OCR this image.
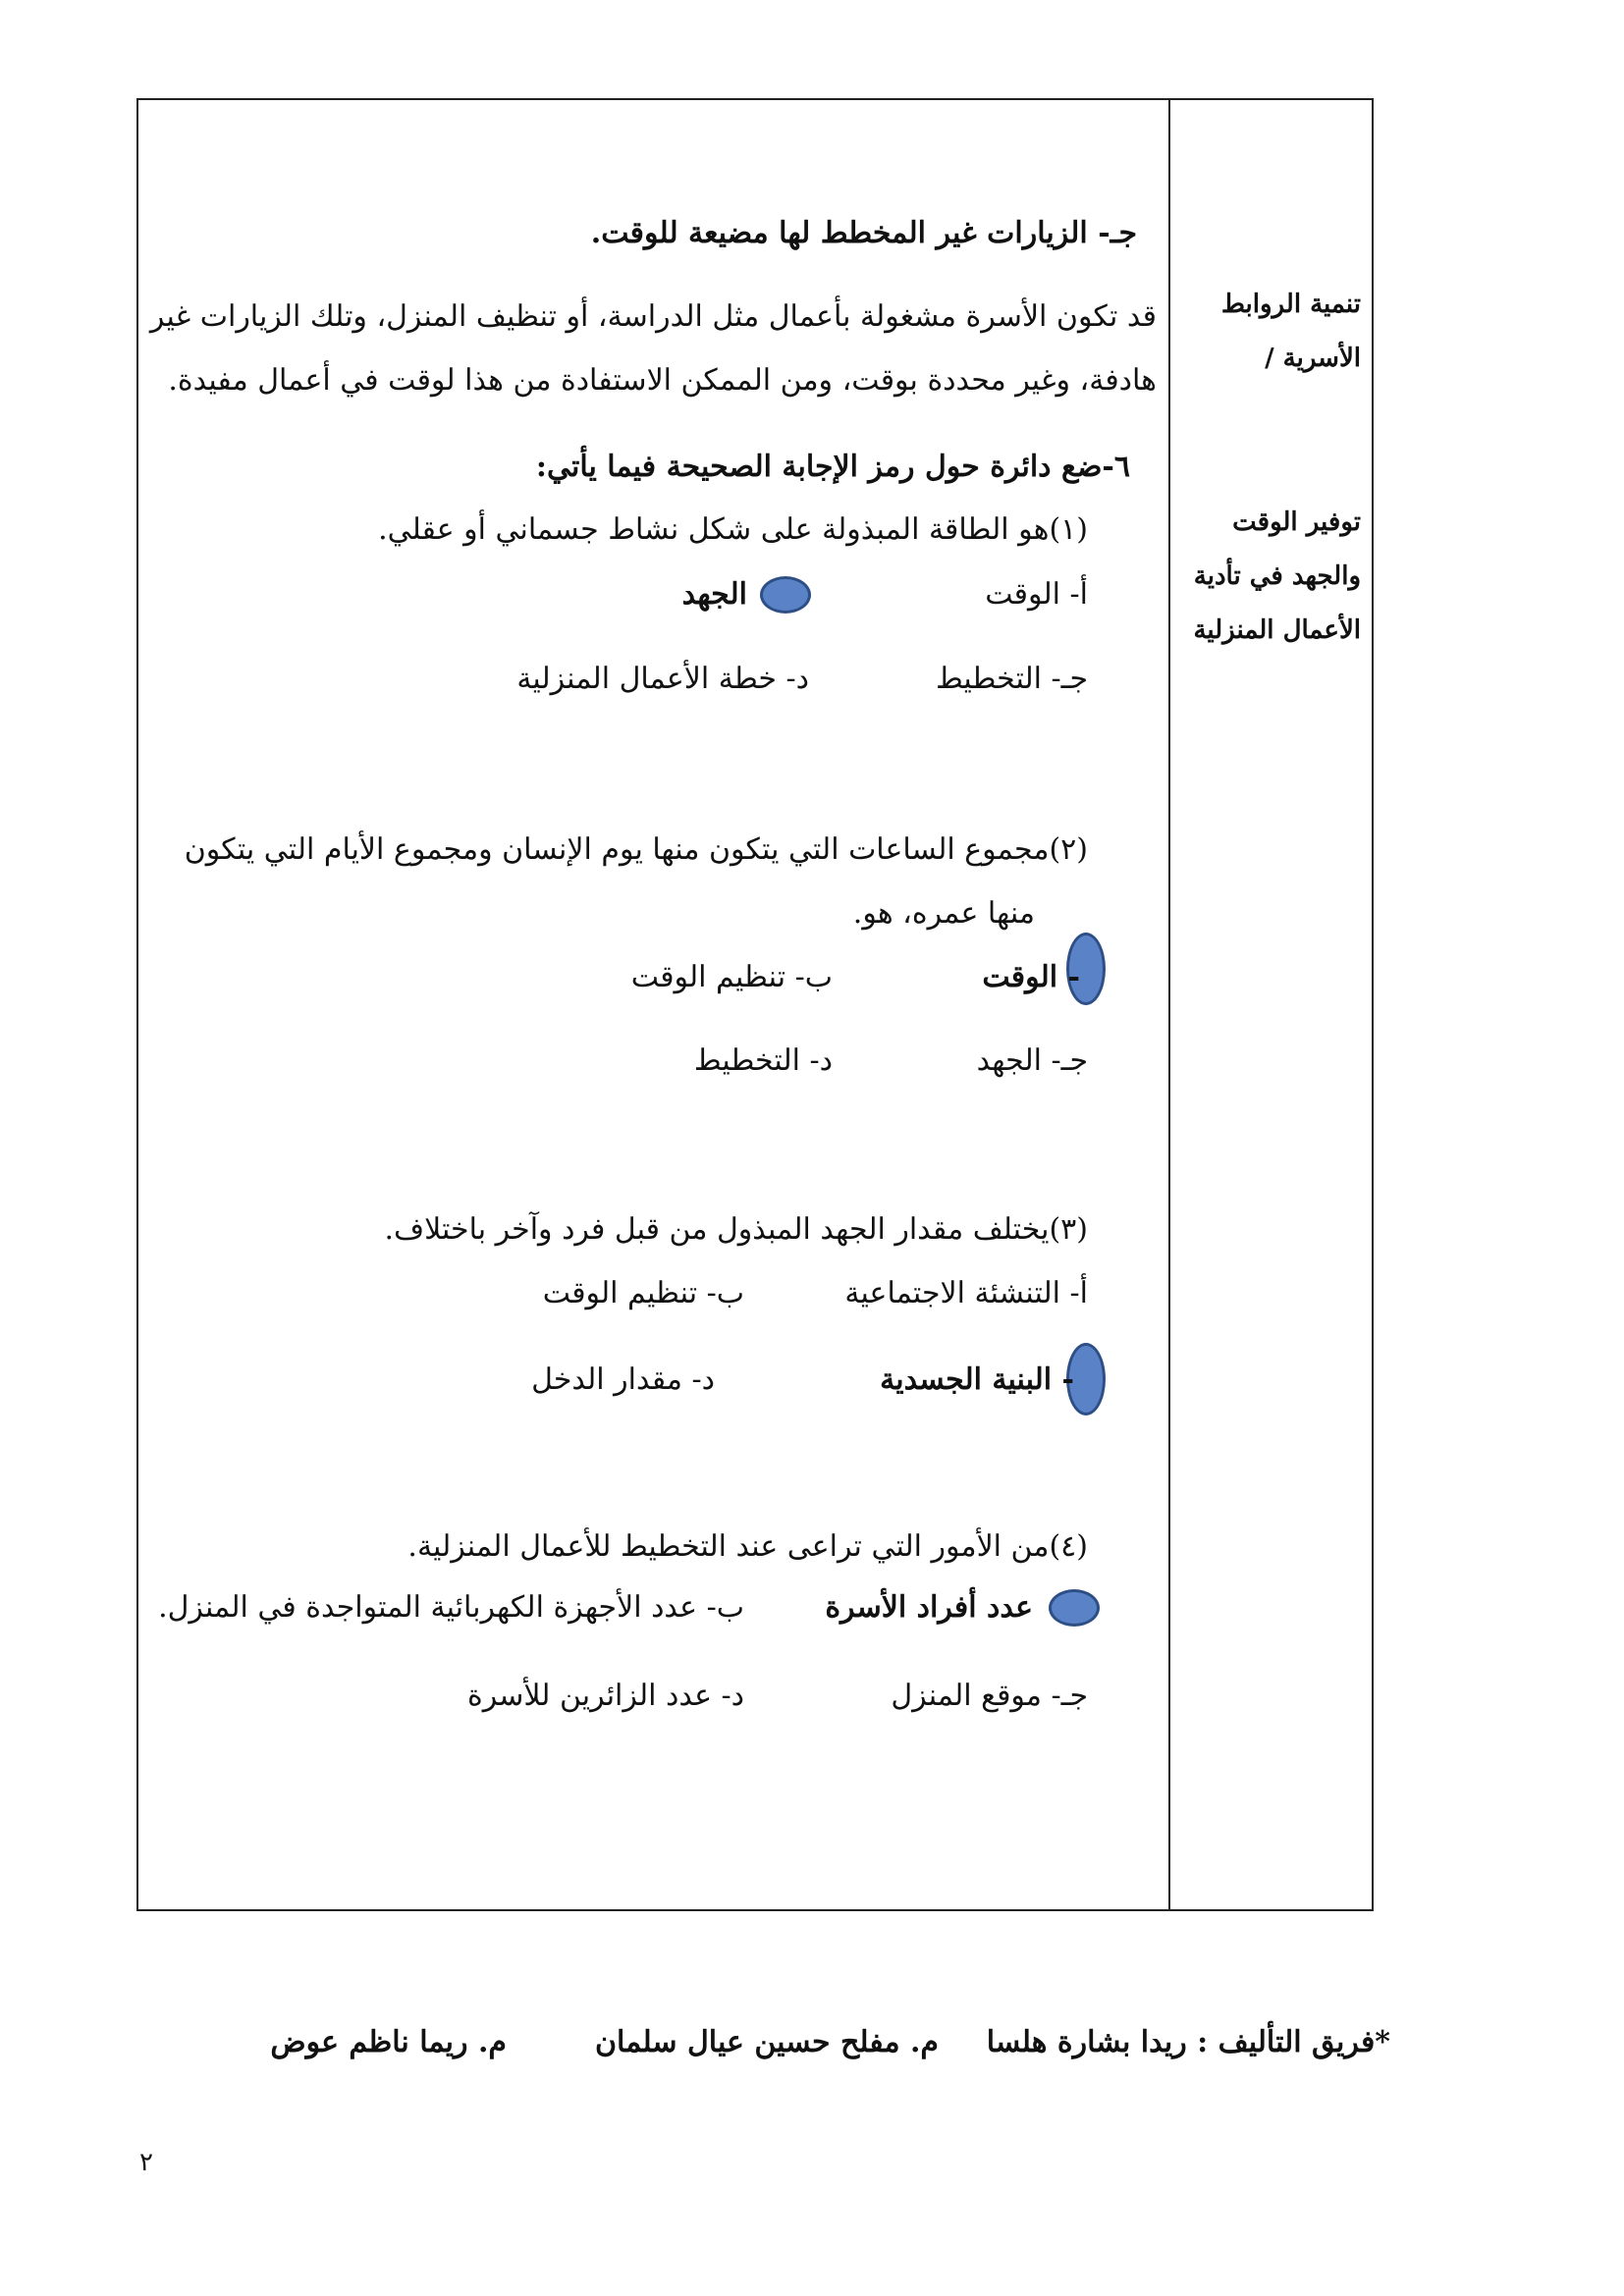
تنمية الروابط
الأسرية /
توفير الوقت
والجهد في تأدية
الأعمال المنزلية
جـ- الزيارات غير المخطط لها مضيعة للوقت.
قد تكون الأسرة مشغولة بأعمال مثل الدراسة، أو تنظيف المنزل، وتلك الزيارات غير
هادفة، وغير محددة بوقت، ومن الممكن الاستفادة من هذا لوقت في أعمال مفيدة.
٦-ضع دائرة حول رمز الإجابة الصحيحة فيما يأتي:
(١)هو الطاقة المبذولة على شكل نشاط جسماني أو عقلي.
أ- الوقت
الجهد
جـ- التخطيط
د- خطة الأعمال المنزلية
(٢)مجموع الساعات التي يتكون منها يوم الإنسان ومجموع الأيام التي يتكون
منها عمره، هو.
- الوقت
ب- تنظيم الوقت
جـ- الجهد
د- التخطيط
(٣)يختلف مقدار الجهد المبذول من قبل فرد وآخر باختلاف.
أ- التنشئة الاجتماعية
ب- تنظيم الوقت
- البنية الجسدية
د- مقدار الدخل
(٤)من الأمور التي تراعى عند التخطيط للأعمال المنزلية.
عدد أفراد الأسرة
ب- عدد الأجهزة الكهربائية المتواجدة في المنزل.
جـ- موقع المنزل
د- عدد الزائرين للأسرة
*فريق التأليف : ريدا بشارة هلسا
م. مفلح حسين عيال سلمان
م. ريما ناظم عوض
٢
